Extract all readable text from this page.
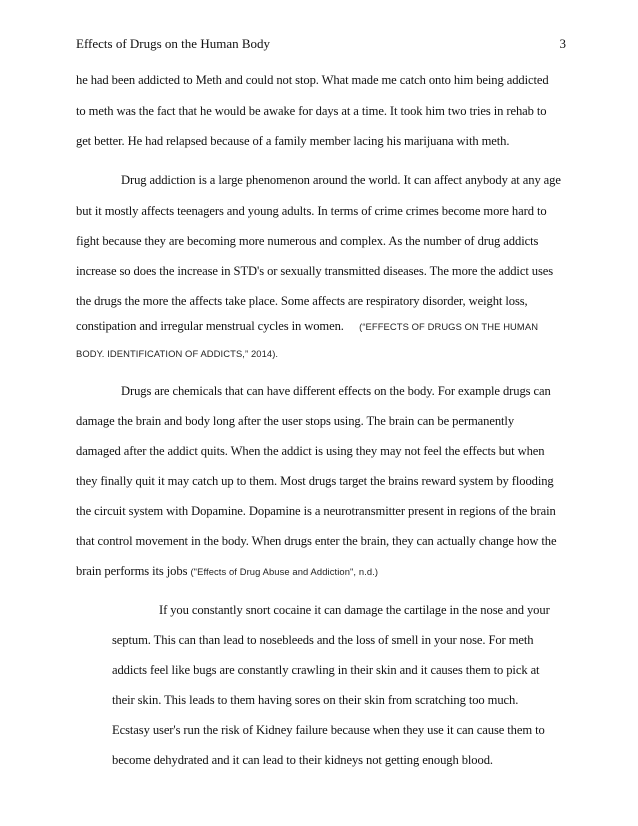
Effects of Drugs on the Human Body	3
he had been addicted to Meth and could not stop. What made me catch onto him being addicted
to meth was the fact that he would be awake for days at a time. It took him two tries in rehab to
get better. He had relapsed because of a family member lacing his marijuana with meth.
Drug addiction is a large phenomenon around the world. It can affect anybody at any age
but it mostly affects teenagers and young adults. In terms of crime crimes become more hard to
fight because they are becoming more numerous and complex. As the number of drug addicts
increase so does the increase in STD's or sexually transmitted diseases. The more the addict uses
the drugs the more the affects take place. Some affects are respiratory disorder, weight loss,
constipation and irregular menstrual cycles in women. (“EFFECTS OF DRUGS ON THE HUMAN
BODY. IDENTIFICATION OF ADDICTS,” 2014).
Drugs are chemicals that can have different effects on the body. For example drugs can
damage the brain and body long after the user stops using. The brain can be permanently
damaged after the addict quits. When the addict is using they may not feel the effects but when
they finally quit it may catch up to them. Most drugs target the brains reward system by flooding
the circuit system with Dopamine. Dopamine is a neurotransmitter present in regions of the brain
that control movement in the body. When drugs enter the brain, they can actually change how the
brain performs its jobs ("Effects of Drug Abuse and Addiction", n.d.)
If you constantly snort cocaine it can damage the cartilage in the nose and your
septum. This can than lead to nosebleeds and the loss of smell in your nose. For meth
addicts feel like bugs are constantly crawling in their skin and it causes them to pick at
their skin. This leads to them having sores on their skin from scratching too much.
Ecstasy user's run the risk of Kidney failure because when they use it can cause them to
become dehydrated and it can lead to their kidneys not getting enough blood.
